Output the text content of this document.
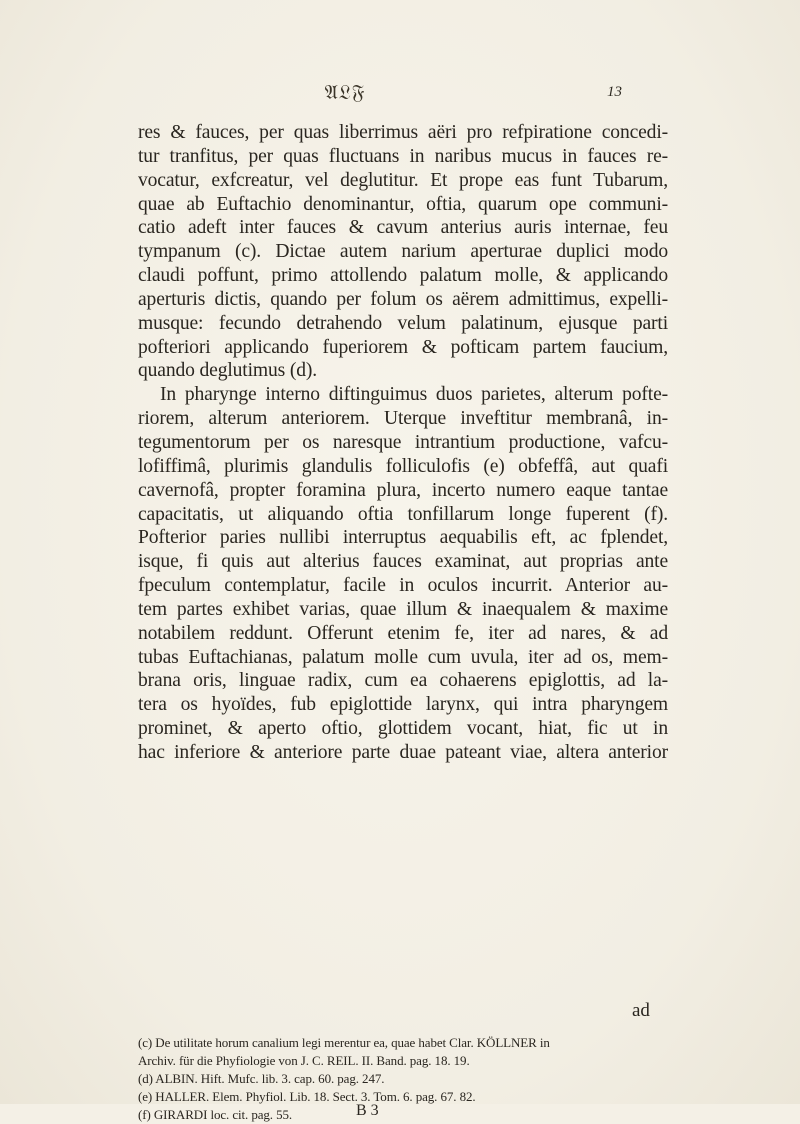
𝔄𝔏𝔉	13
res & fauces, per quas liberrimus aëri pro refpiratione concedi-
tur tranfitus, per quas fluctuans in naribus mucus in fauces re-
vocatur, exfcreatur, vel deglutitur. Et prope eas funt Tubarum,
quae ab Euftachio denominantur, oftia, quarum ope communi-
catio adeft inter fauces & cavum anterius auris internae, feu
tympanum (c). Dictae autem narium aperturae duplici modo
claudi poffunt, primo attollendo palatum molle, & applicando
aperturis dictis, quando per folum os aërem admittimus, expelli-
musque: fecundo detrahendo velum palatinum, ejusque parti
pofteriori applicando fuperiorem & pofticam partem faucium,
quando deglutimus (d).
In pharynge interno diftinguimus duos parietes, alterum pofte-
riorem, alterum anteriorem. Uterque inveftitur membranâ, in-
tegumentorum per os naresque intrantium productione, vafcu-
lofiffimâ, plurimis glandulis folliculofis (e) obfeffâ, aut quafi
cavernofâ, propter foramina plura, incerto numero eaque tantae
capacitatis, ut aliquando oftia tonfillarum longe fuperent (f).
Pofterior paries nullibi interruptus aequabilis eft, ac fplendet,
isque, fi quis aut alterius fauces examinat, aut proprias ante
fpeculum contemplatur, facile in oculos incurrit. Anterior au-
tem partes exhibet varias, quae illum & inaequalem & maxime
notabilem reddunt. Offerunt etenim fe, iter ad nares, & ad
tubas Euftachianas, palatum molle cum uvula, iter ad os, mem-
brana oris, linguae radix, cum ea cohaerens epiglottis, ad la-
tera os hyoïdes, fub epiglottide larynx, qui intra pharyngem
prominet, & aperto oftio, glottidem vocant, hiat, fic ut in
hac inferiore & anteriore parte duae pateant viae, altera anterior
ad
(c) De utilitate horum canalium legi merentur ea, quae habet Clar. KÖLLNER in
Archiv. für die Phyfiologie von J. C. REIL. II. Band. pag. 18. 19.
(d) ALBIN. Hift. Mufc. lib. 3. cap. 60. pag. 247.
(e) HALLER. Elem. Phyfiol. Lib. 18. Sect. 3. Tom. 6. pag. 67. 82.
(f) GIRARDI loc. cit. pag. 55.	B 3
